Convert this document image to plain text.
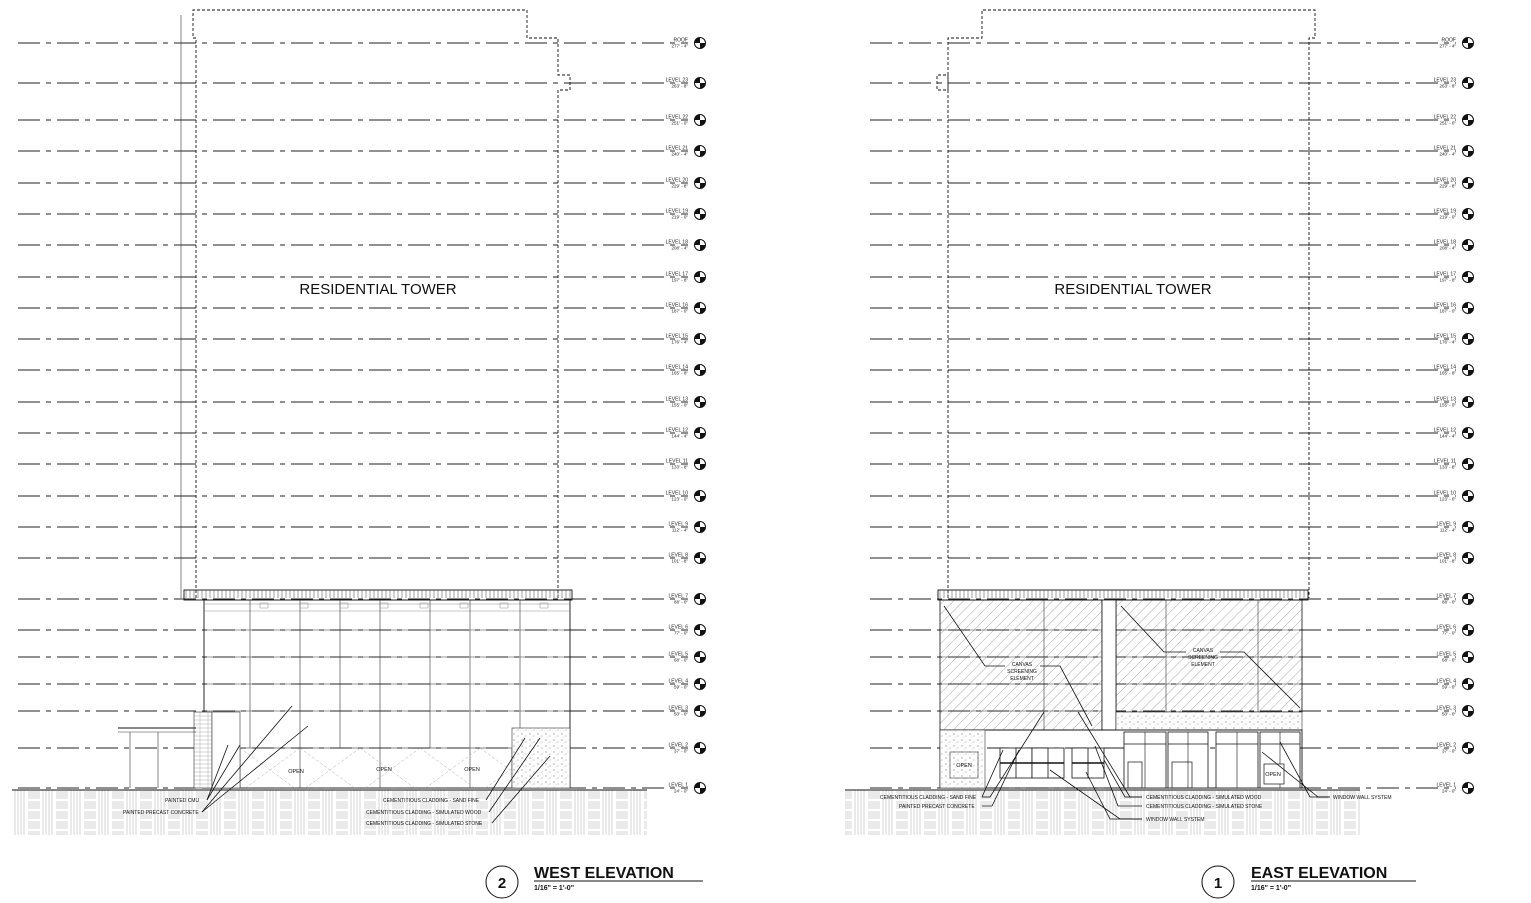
ROOF
277' - 4"
LEVEL 23
263' - 8"
LEVEL 22
251' - 0"
LEVEL 21
240' - 4"
LEVEL 20
229' - 8"
LEVEL 19
219' - 0"
LEVEL 18
208' - 4"
LEVEL 17
197' - 8"
LEVEL 16
187' - 0"
LEVEL 15
176' - 4"
LEVEL 14
165' - 8"
LEVEL 13
155' - 0"
LEVEL 12
144' - 4"
LEVEL 11
133' - 8"
LEVEL 10
123' - 0"
LEVEL 9
112' - 4"
LEVEL 8
101' - 8"
LEVEL 7
88' - 0"
LEVEL 6
77' - 0"
LEVEL 5
68' - 0"
LEVEL 4
59' - 0"
LEVEL 3
50' - 0"
LEVEL 2
37' - 0"
LEVEL 1
24' - 0"
ROOF
277' - 4"
LEVEL 23
263' - 8"
LEVEL 22
251' - 0"
LEVEL 21
240' - 4"
LEVEL 20
229' - 8"
LEVEL 19
219' - 0"
LEVEL 18
208' - 4"
LEVEL 17
197' - 8"
LEVEL 16
187' - 0"
LEVEL 15
176' - 4"
LEVEL 14
165' - 8"
LEVEL 13
155' - 0"
LEVEL 12
144' - 4"
LEVEL 11
133' - 8"
LEVEL 10
123' - 0"
LEVEL 9
112' - 4"
LEVEL 8
101' - 8"
LEVEL 7
88' - 0"
LEVEL 6
77' - 0"
LEVEL 5
68' - 0"
LEVEL 4
59' - 0"
LEVEL 3
50' - 0"
LEVEL 2
37' - 0"
LEVEL 1
24' - 0"
RESIDENTIAL TOWER
OPEN	OPEN	OPEN
PAINTED CMU
PAINTED PRECAST CONCRETE
CEMENTITIOUS CLADDING - SAND FINE
CEMENTITIOUS CLADDING - SIMULATED WOOD
CEMENTITIOUS CLADDING - SIMULATED STONE
2
WEST ELEVATION
1/16" = 1'-0"
OPEN
OPEN
RESIDENTIAL TOWER
CANVAS
SCREENING
ELEMENT
CANVAS
SCREENING
ELEMENT
CEMENTITIOUS CLADDING - SAND FINE
PAINTED PRECAST CONCRETE
CEMENTITIOUS CLADDING - SIMULATED WOOD
CEMENTITIOUS CLADDING - SIMULATED STONE
WINDOW WALL SYSTEM
WINDOW WALL SYSTEM
1
EAST ELEVATION
1/16" = 1'-0"
